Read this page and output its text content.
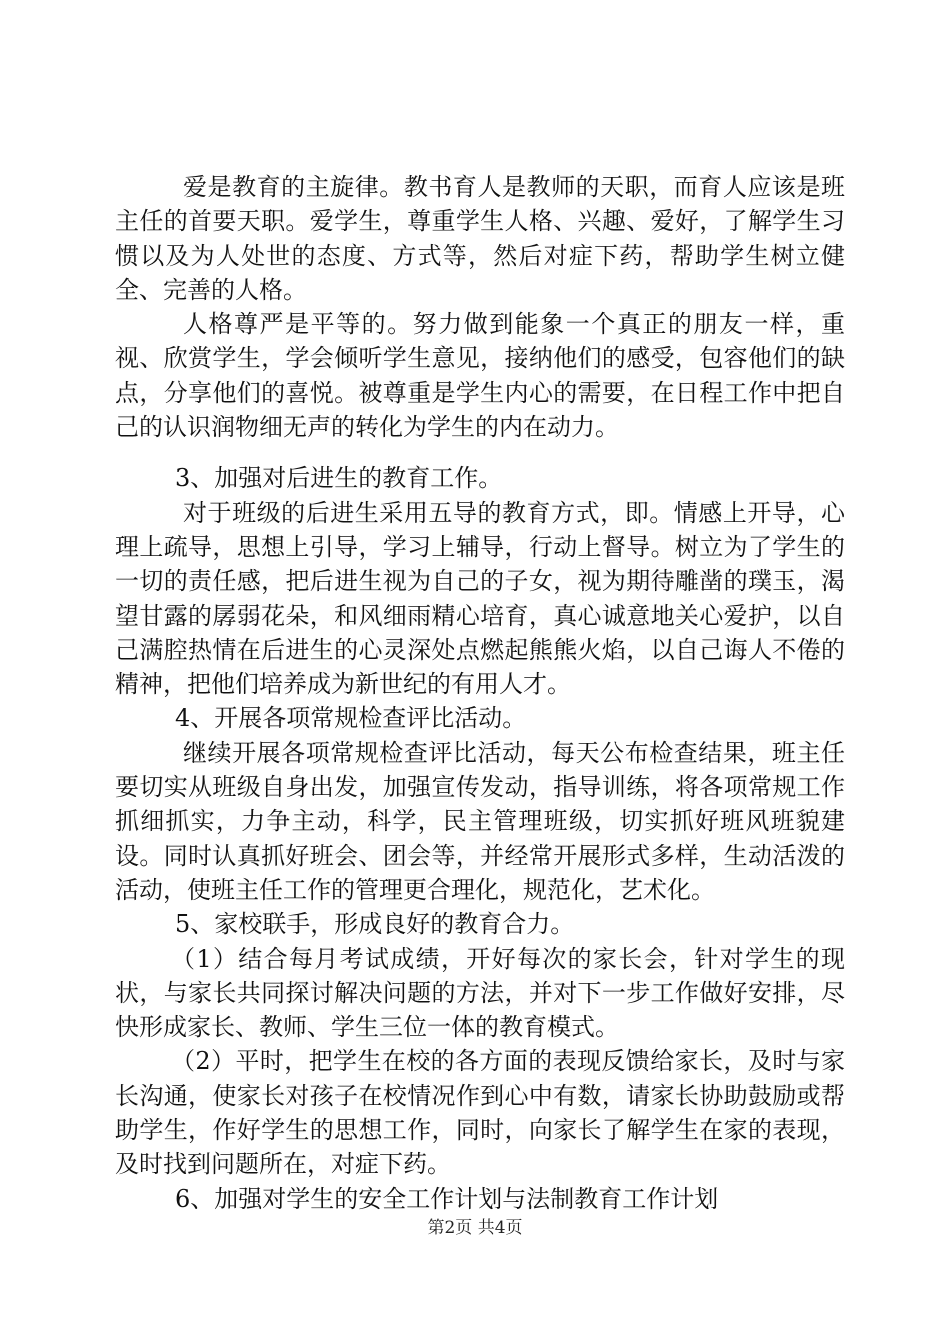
爱是教育的主旋律。教书育人是教师的天职，而育人应该是班主任的首要天职。爱学生，尊重学生人格、兴趣、爱好，了解学生习惯以及为人处世的态度、方式等，然后对症下药，帮助学生树立健全、完善的人格。

人格尊严是平等的。努力做到能象一个真正的朋友一样，重视、欣赏学生，学会倾听学生意见，接纳他们的感受，包容他们的缺点，分享他们的喜悦。被尊重是学生内心的需要，在日程工作中把自己的认识润物细无声的转化为学生的内在动力。

3、加强对后进生的教育工作。

对于班级的后进生采用五导的教育方式，即。情感上开导，心理上疏导，思想上引导，学习上辅导，行动上督导。树立为了学生的一切的责任感，把后进生视为自己的子女，视为期待雕凿的璞玉，渴望甘露的孱弱花朵，和风细雨精心培育，真心诚意地关心爱护，以自己满腔热情在后进生的心灵深处点燃起熊熊火焰，以自己诲人不倦的精神，把他们培养成为新世纪的有用人才。

4、开展各项常规检查评比活动。

继续开展各项常规检查评比活动，每天公布检查结果，班主任要切实从班级自身出发，加强宣传发动，指导训练，将各项常规工作抓细抓实，力争主动，科学，民主管理班级，切实抓好班风班貌建设。同时认真抓好班会、团会等，并经常开展形式多样，生动活泼的活动，使班主任工作的管理更合理化，规范化，艺术化。

5、家校联手，形成良好的教育合力。

（1）结合每月考试成绩，开好每次的家长会，针对学生的现状，与家长共同探讨解决问题的方法，并对下一步工作做好安排，尽快形成家长、教师、学生三位一体的教育模式。

（2）平时，把学生在校的各方面的表现反馈给家长，及时与家长沟通，使家长对孩子在校情况作到心中有数，请家长协助鼓励或帮助学生，作好学生的思想工作，同时，向家长了解学生在家的表现，及时找到问题所在，对症下药。

6、加强对学生的安全工作计划与法制教育工作计划

第2页 共4页
